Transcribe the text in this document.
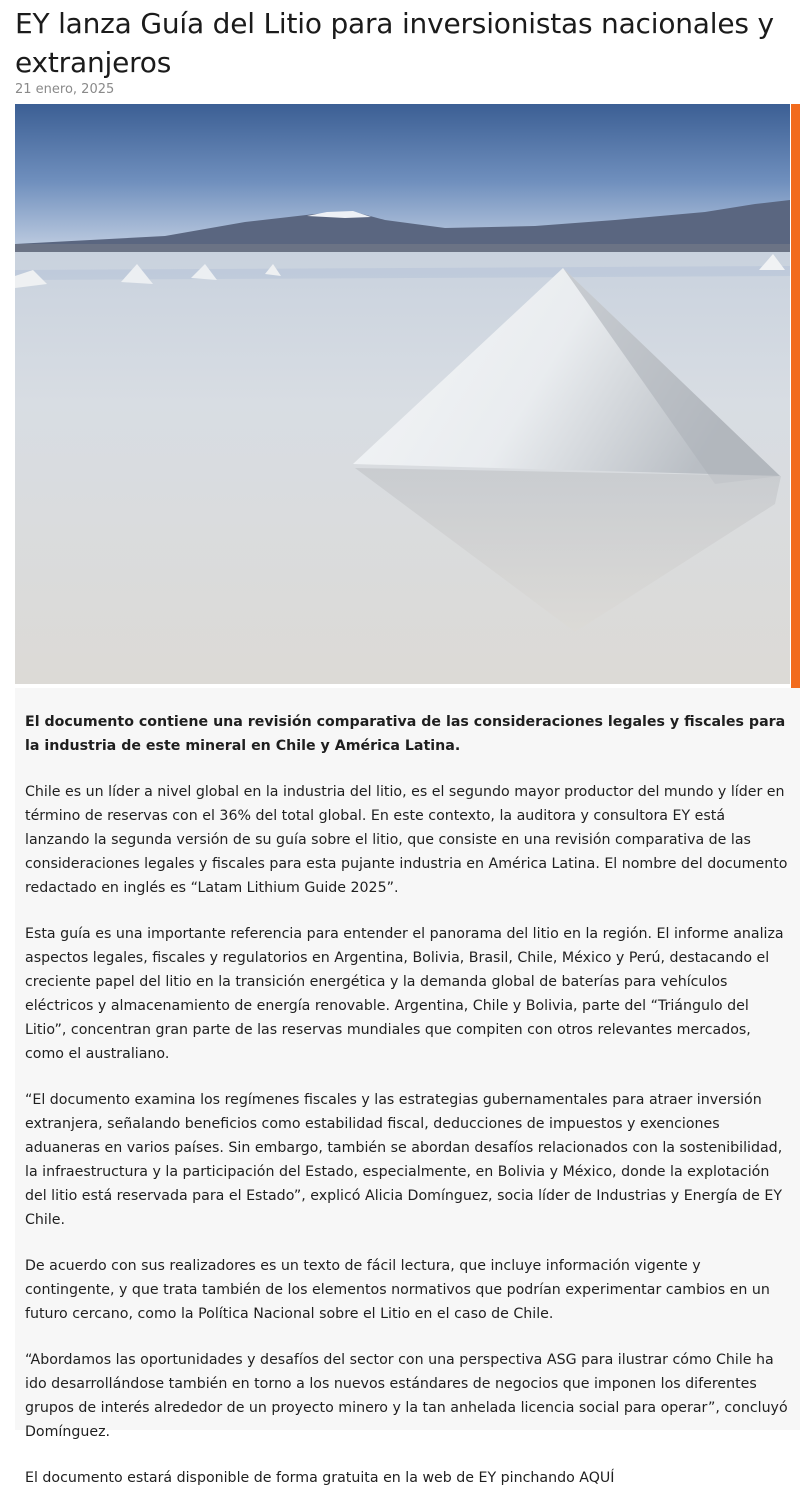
EY lanza Guía del Litio para inversionistas nacionales y extranjeros
21 enero, 2025

El documento contiene una revisión comparativa de las consideraciones legales y fiscales para la industria de este mineral en Chile y América Latina.

Chile es un líder a nivel global en la industria del litio, es el segundo mayor productor del mundo y líder en término de reservas con el 36% del total global. En este contexto, la auditora y consultora EY está lanzando la segunda versión de su guía sobre el litio, que consiste en una revisión comparativa de las consideraciones legales y fiscales para esta pujante industria en América Latina. El nombre del documento redactado en inglés es “Latam Lithium Guide 2025”.

Esta guía es una importante referencia para entender el panorama del litio en la región. El informe analiza aspectos legales, fiscales y regulatorios en Argentina, Bolivia, Brasil, Chile, México y Perú, destacando el creciente papel del litio en la transición energética y la demanda global de baterías para vehículos eléctricos y almacenamiento de energía renovable. Argentina, Chile y Bolivia, parte del “Triángulo del Litio”, concentran gran parte de las reservas mundiales que compiten con otros relevantes mercados, como el australiano.

“El documento examina los regímenes fiscales y las estrategias gubernamentales para atraer inversión extranjera, señalando beneficios como estabilidad fiscal, deducciones de impuestos y exenciones aduaneras en varios países. Sin embargo, también se abordan desafíos relacionados con la sostenibilidad, la infraestructura y la participación del Estado, especialmente, en Bolivia y México, donde la explotación del litio está reservada para el Estado”, explicó Alicia Domínguez, socia líder de Industrias y Energía de EY Chile.

De acuerdo con sus realizadores es un texto de fácil lectura, que incluye información vigente y contingente, y que trata también de los elementos normativos que podrían experimentar cambios en un futuro cercano, como la Política Nacional sobre el Litio en el caso de Chile.

“Abordamos las oportunidades y desafíos del sector con una perspectiva ASG para ilustrar cómo Chile ha ido desarrollándose también en torno a los nuevos estándares de negocios que imponen los diferentes grupos de interés alrededor de un proyecto minero y la tan anhelada licencia social para operar”, concluyó Domínguez.

El documento estará disponible de forma gratuita en la web de EY pinchando AQUÍ
